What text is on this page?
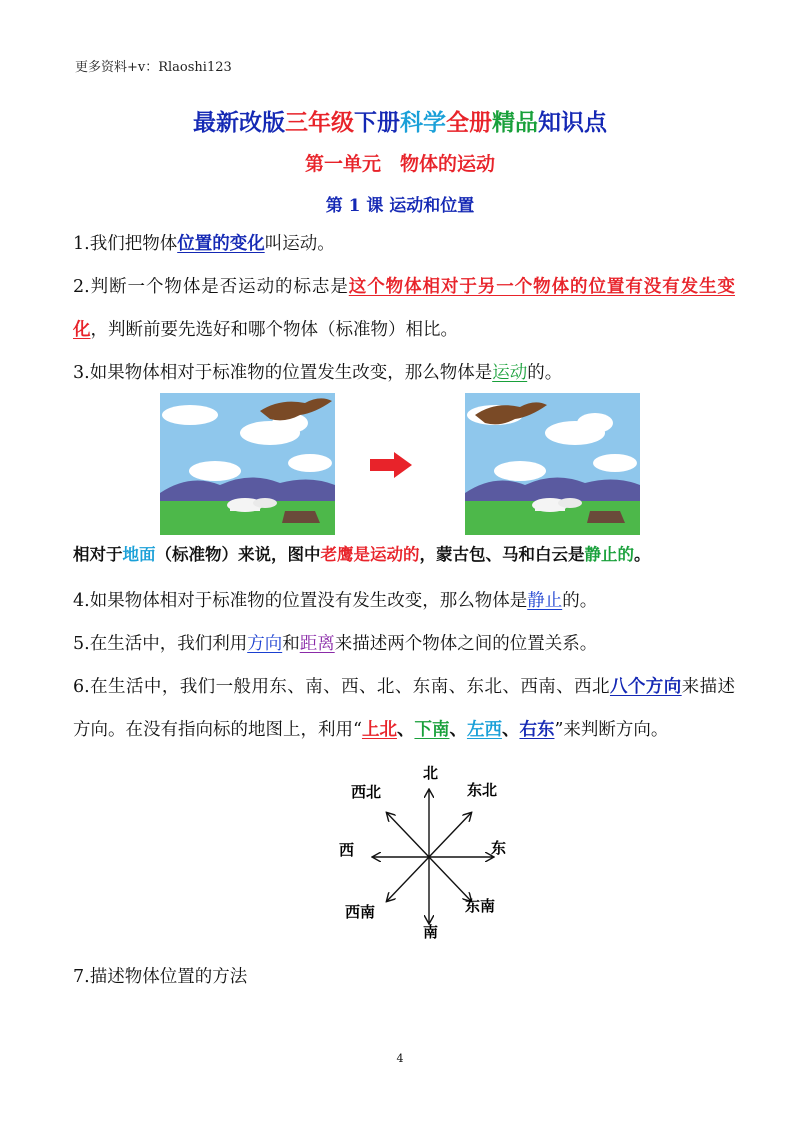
更多资料+v：Rlaoshi123
最新改版三年级下册科学全册精品知识点
第一单元　物体的运动
第 1 课 运动和位置
1.我们把物体位置的变化叫运动。
2.判断一个物体是否运动的标志是这个物体相对于另一个物体的位置有没有发生变化，判断前要先选好和哪个物体（标准物）相比。
3.如果物体相对于标准物的位置发生改变，那么物体是运动的。
相对于地面（标准物）来说，图中老鹰是运动的，蒙古包、马和白云是静止的。
4.如果物体相对于标准物的位置没有发生改变，那么物体是静止的。
5.在生活中，我们利用方向和距离来描述两个物体之间的位置关系。
6.在生活中，我们一般用东、南、西、北、东南、东北、西南、西北八个方向来描述方向。在没有指向标的地图上，利用“上北、下南、左西、右东”来判断方向。
北
南
东
西
东北
西北
东南
西南
7.描述物体位置的方法
4
